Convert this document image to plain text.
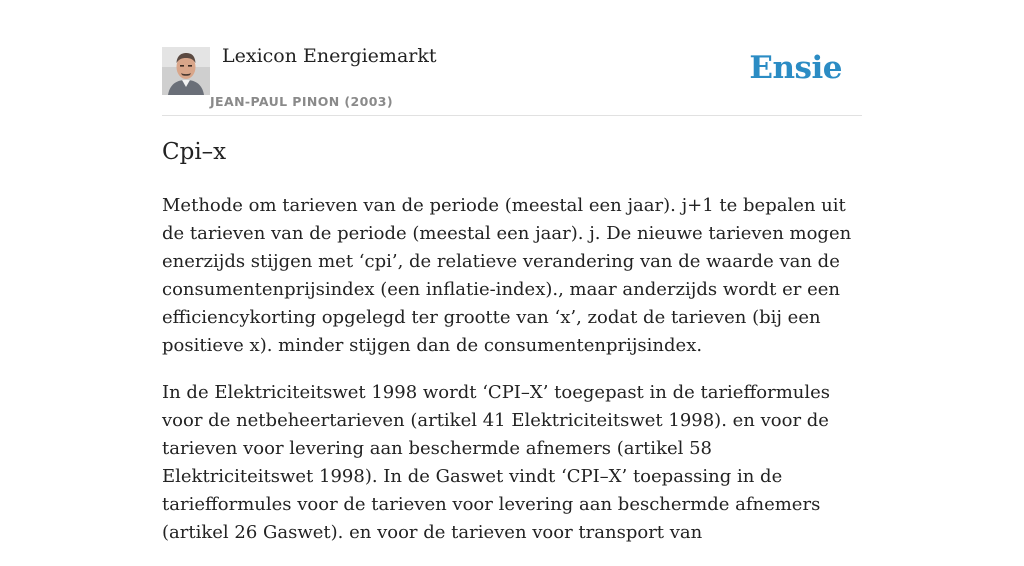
Lexicon Energiemarkt
JEAN-PAUL PINON (2003)
Ensie
Cpi–x

Methode om tarieven van de periode (meestal een jaar). j+1 te bepalen uit de tarieven van de periode (meestal een jaar). j. De nieuwe tarieven mogen enerzijds stijgen met ‘cpi’, de relatieve verandering van de waarde van de consumentenprijsindex (een inflatie-index)., maar anderzijds wordt er een efficiencykorting opgelegd ter grootte van ‘x’, zodat de tarieven (bij een positieve x). minder stijgen dan de consumentenprijsindex.

In de Elektriciteitswet 1998 wordt ‘CPI–X’ toegepast in de tariefformules voor de netbeheertarieven (artikel 41 Elektriciteitswet 1998). en voor de tarieven voor levering aan beschermde afnemers (artikel 58 Elektriciteitswet 1998). In de Gaswet vindt ‘CPI–X’ toepassing in de tariefformules voor de tarieven voor levering aan beschermde afnemers (artikel 26 Gaswet). en voor de tarieven voor transport van
